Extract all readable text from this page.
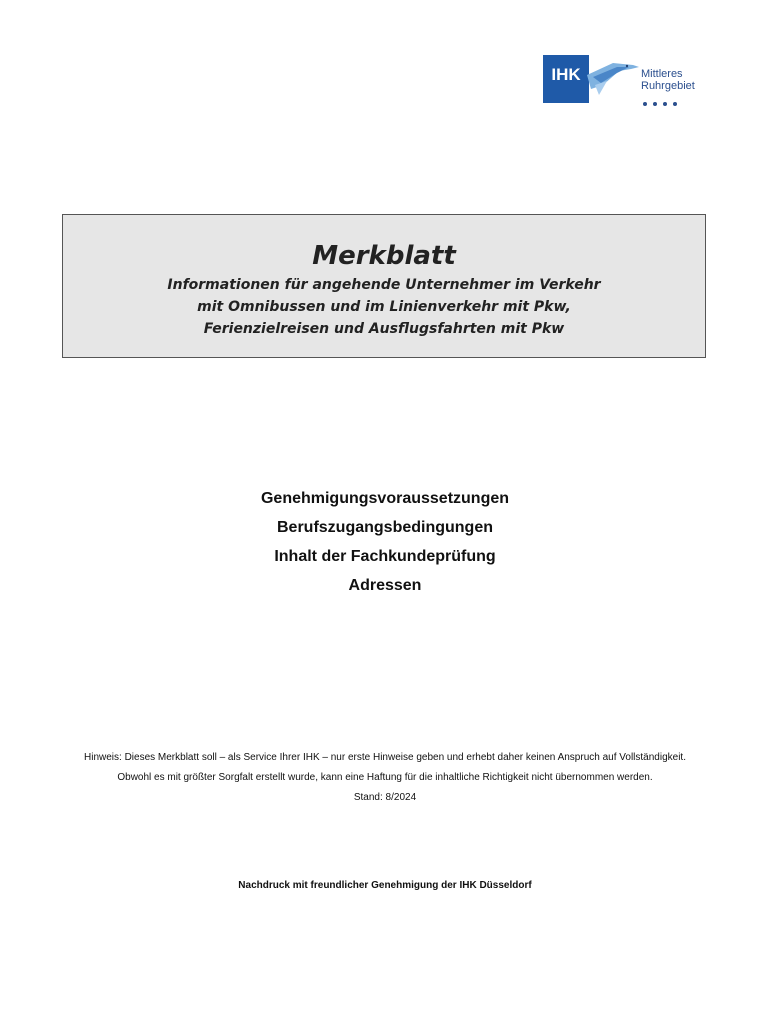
IHK	Mittleres
Ruhrgebiet
Merkblatt
Informationen für angehende Unternehmer im Verkehr
mit Omnibussen und im Linienverkehr mit Pkw,
Ferienzielreisen und Ausflugsfahrten mit Pkw
Genehmigungsvoraussetzungen
Berufszugangsbedingungen
Inhalt der Fachkundeprüfung
Adressen
Hinweis: Dieses Merkblatt soll – als Service Ihrer IHK – nur erste Hinweise geben und erhebt daher keinen Anspruch auf Vollständigkeit.
Obwohl es mit größter Sorgfalt erstellt wurde, kann eine Haftung für die inhaltliche Richtigkeit nicht übernommen werden.
Stand: 8/2024
Nachdruck mit freundlicher Genehmigung der IHK Düsseldorf
